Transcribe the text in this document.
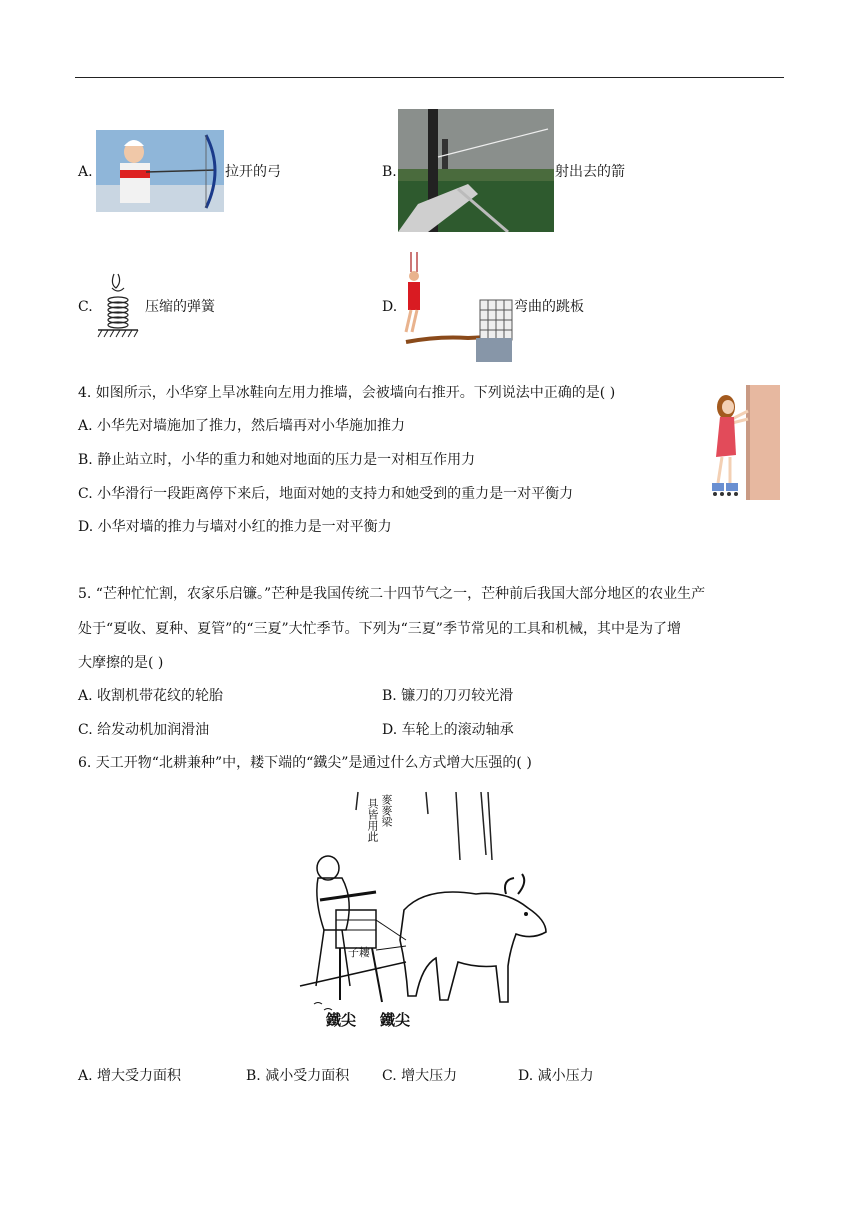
A.	拉开的弓	B.	射出去的箭
C.	压缩的弹簧	D.	弯曲的跳板
4. 如图所示，小华穿上旱冰鞋向左用力推墙，会被墙向右推开。下列说法中正确的是( )
A. 小华先对墙施加了推力，然后墙再对小华施加推力
B. 静止站立时，小华的重力和她对地面的压力是一对相互作用力
C. 小华滑行一段距离停下来后，地面对她的支持力和她受到的重力是一对平衡力
D. 小华对墙的推力与墙对小红的推力是一对平衡力
5. “芒种忙忙割，农家乐启镰。”芒种是我国传统二十四节气之一，芒种前后我国大部分地区的农业生产
处于“夏收、夏种、夏管”的“三夏”大忙季节。下列为“三夏”季节常见的工具和机械，其中是为了增
大摩擦的是( )
A. 收割机带花纹的轮胎	B. 镰刀的刀刃较光滑
C. 给发动机加润滑油	D. 车轮上的滚动轴承
6. 天工开物“北耕兼种”中，耧下端的“鐵尖”是通过什么方式增大压强的( )
麥麥梁
具皆用此
子耬
鐵尖 鐵尖
A. 增大受力面积	B. 减小受力面积 C. 增大压力	D. 减小压力
